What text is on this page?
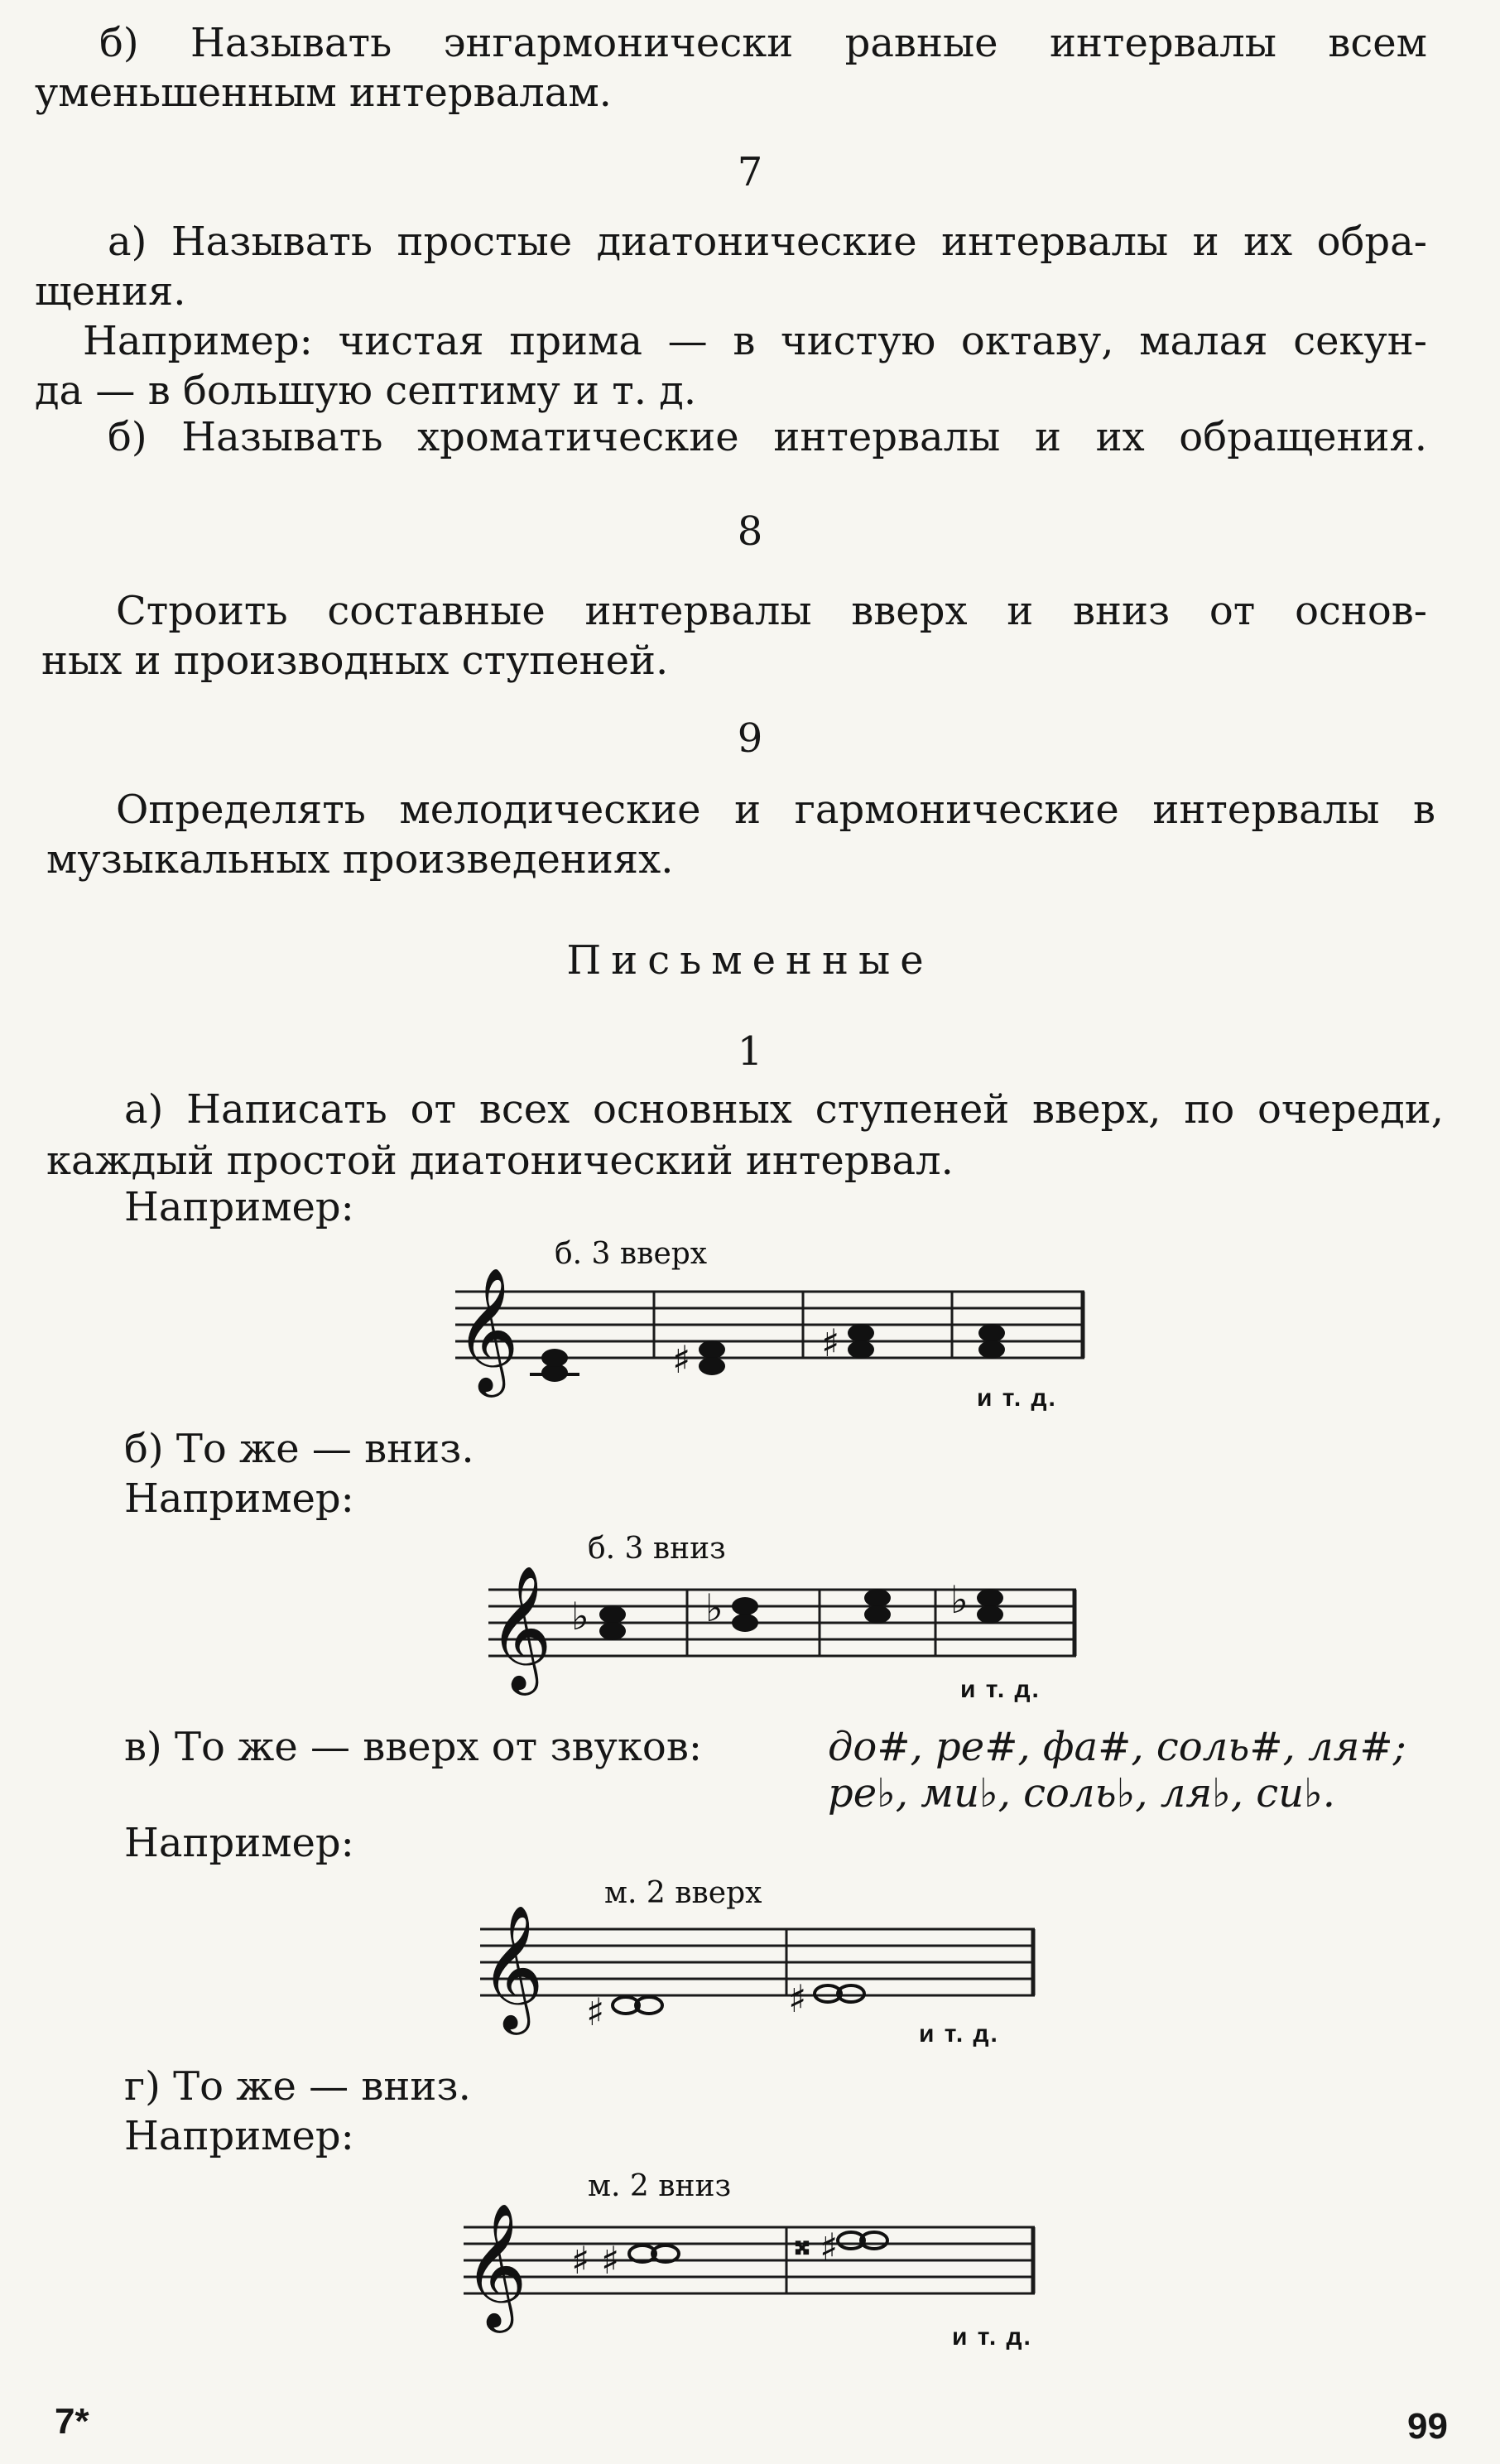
б) Называть энгармонически равные интервалы всем
уменьшенным интервалам.
7
а) Называть простые диатонические интервалы и их обра-
щения.
Например: чистая прима — в чистую октаву, малая секун-
да — в большую септиму и т. д.
б) Называть хроматические интервалы и их обращения.
8
Строить составные интервалы вверх и вниз от основ-
ных и производных ступеней.
9
Определять мелодические и гармонические интервалы в
музыкальных произведениях.
Письменные
1
а) Написать от всех основных ступеней вверх, по очереди,
каждый простой диатонический интервал.
Например:
𝄞	♯	♯
б. 3 вверх
и т. д.
б) То же — вниз.
Например:
𝄞 ♭	♭	♭
б. 3 вниз
и т. д.
в) То же — вверх от звуков:	до#, ре#, фа#, соль#, ля#;
ре♭, ми♭, соль♭, ля♭, си♭.
Например:
𝄞 ♯	♯
м. 2 вверх
и т. д.
г) То же — вниз.
Например:
𝄞 ♯ ♯	𝄪 ♯
м. 2 вниз
и т. д.
7*	99
